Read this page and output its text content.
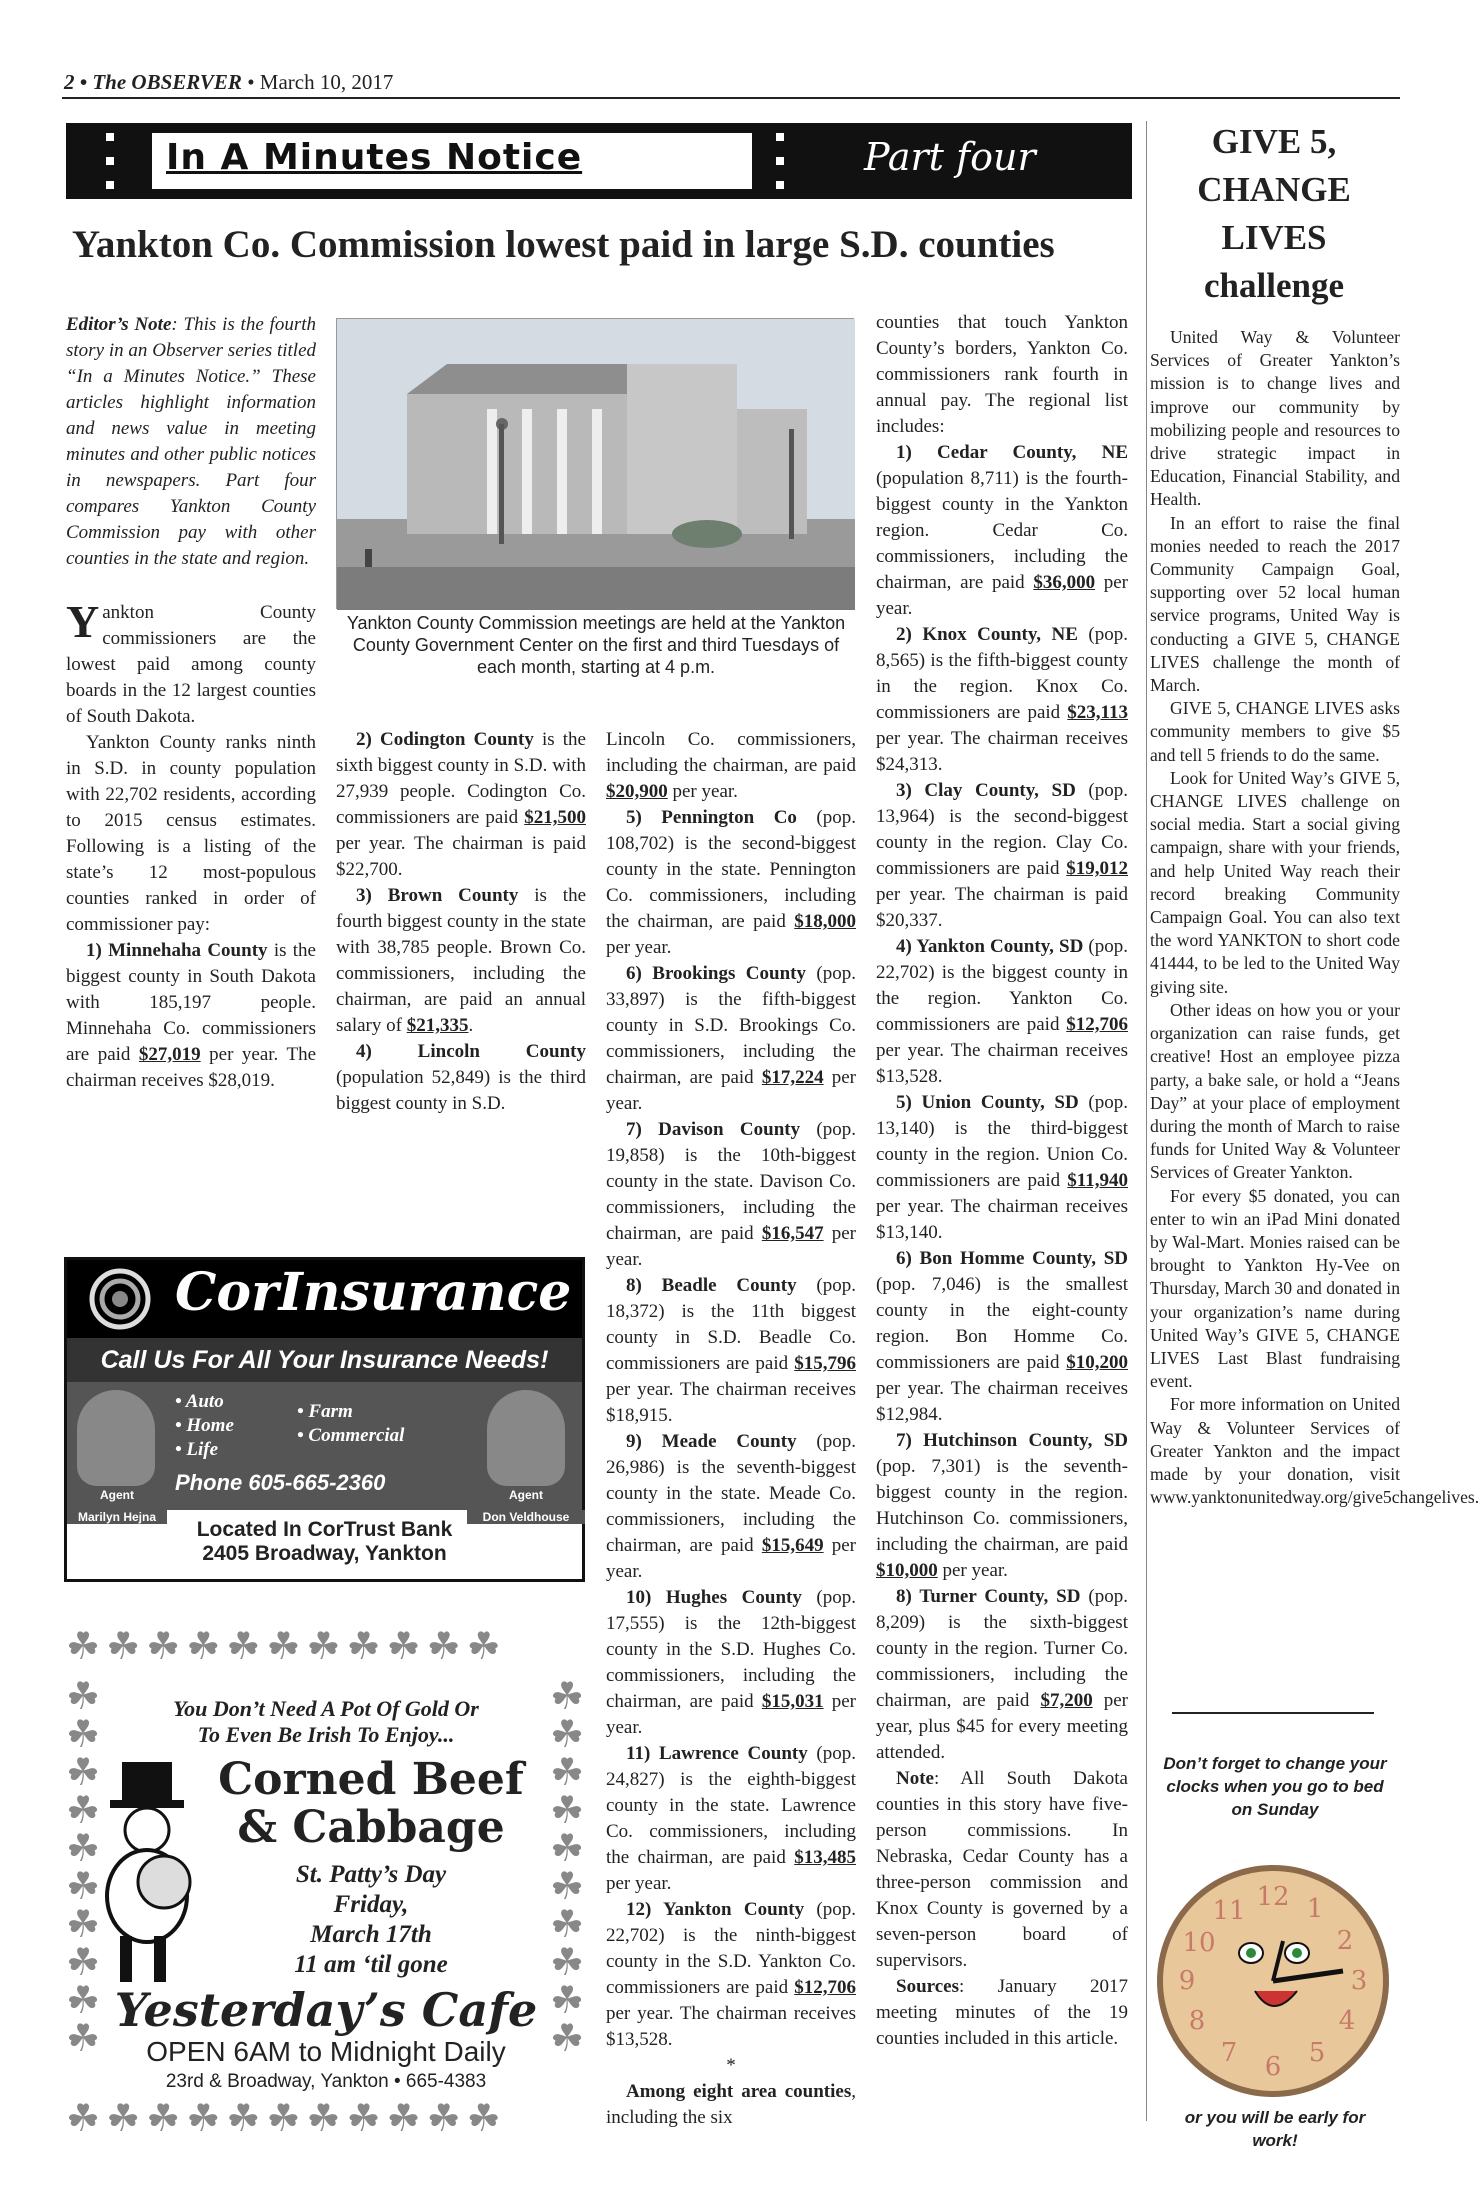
2 • The OBSERVER • March 10, 2017
In A Minutes Notice	Part four
Yankton Co. Commission lowest paid in large S.D. counties

Editor’s Note: This is the fourth story in an Observer series titled “In a Minutes Notice.” These articles highlight information and news value in meeting minutes and other public notices in newspapers. Part four compares Yankton County Commission pay with other counties in the state and region.

Yankton County commissioners are the lowest paid among county boards in the 12 largest counties of South Dakota.

Yankton County ranks ninth in S.D. in county population with 22,702 residents, according to 2015 census estimates. Following is a listing of the state’s 12 most-populous counties ranked in order of commissioner pay:

1) Minnehaha County is the biggest county in South Dakota with 185,197 people. Minnehaha Co. commissioners are paid $27,019 per year. The chairman receives $28,019.

Yankton County Commission meetings are held at the Yankton County Government Center on the first and third Tuesdays of each month, starting at 4 p.m.

2) Codington County is the sixth biggest county in S.D. with 27,939 people. Codington Co. commissioners are paid $21,500 per year. The chairman is paid $22,700.

3) Brown County is the fourth biggest county in the state with 38,785 people. Brown Co. commissioners, including the chairman, are paid an annual salary of $21,335.

4) Lincoln County (population 52,849) is the third biggest county in S.D.

Lincoln Co. commissioners, including the chairman, are paid $20,900 per year.

5) Pennington Co (pop. 108,702) is the second-biggest county in the state. Pennington Co. commissioners, including the chairman, are paid $18,000 per year.

6) Brookings County (pop. 33,897) is the fifth-biggest county in S.D. Brookings Co. commissioners, including the chairman, are paid $17,224 per year.

7) Davison County (pop. 19,858) is the 10th-biggest county in the state. Davison Co. commissioners, including the chairman, are paid $16,547 per year.

8) Beadle County (pop. 18,372) is the 11th biggest county in S.D. Beadle Co. commissioners are paid $15,796 per year. The chairman receives $18,915.

9) Meade County (pop. 26,986) is the seventh-biggest county in the state. Meade Co. commissioners, including the chairman, are paid $15,649 per year.

10) Hughes County (pop. 17,555) is the 12th-biggest county in the S.D. Hughes Co. commissioners, including the chairman, are paid $15,031 per year.

11) Lawrence County (pop. 24,827) is the eighth-biggest county in the state. Lawrence Co. commissioners, including the chairman, are paid $13,485 per year.

12) Yankton County (pop. 22,702) is the ninth-biggest county in the S.D. Yankton Co. commissioners are paid $12,706 per year. The chairman receives $13,528.

*

Among eight area counties, including the six

counties that touch Yankton County’s borders, Yankton Co. commissioners rank fourth in annual pay. The regional list includes:

1) Cedar County, NE (population 8,711) is the fourth-biggest county in the Yankton region. Cedar Co. commissioners, including the chairman, are paid $36,000 per year.

2) Knox County, NE (pop. 8,565) is the fifth-biggest county in the region. Knox Co. commissioners are paid $23,113 per year. The chairman receives $24,313.

3) Clay County, SD (pop. 13,964) is the second-biggest county in the region. Clay Co. commissioners are paid $19,012 per year. The chairman is paid $20,337.

4) Yankton County, SD (pop. 22,702) is the biggest county in the region. Yankton Co. commissioners are paid $12,706 per year. The chairman receives $13,528.

5) Union County, SD (pop. 13,140) is the third-biggest county in the region. Union Co. commissioners are paid $11,940 per year. The chairman receives $13,140.

6) Bon Homme County, SD (pop. 7,046) is the smallest county in the eight-county region. Bon Homme Co. commissioners are paid $10,200 per year. The chairman receives $12,984.

7) Hutchinson County, SD (pop. 7,301) is the seventh-biggest county in the region. Hutchinson Co. commissioners, including the chairman, are paid $10,000 per year.

8) Turner County, SD (pop. 8,209) is the sixth-biggest county in the region. Turner Co. commissioners, including the chairman, are paid $7,200 per year, plus $45 for every meeting attended.

Note: All South Dakota counties in this story have five-person commissions. In Nebraska, Cedar County has a three-person commission and Knox County is governed by a seven-person board of supervisors.

Sources: January 2017 meeting minutes of the 19 counties included in this article.

CorInsurance
Call Us For All Your Insurance Needs!
Agent
• Auto
• Home
• Life
• Farm
• Commercial
Phone 605-665-2360	Agent
Marilyn Hejna	Don Veldhouse
Located In CorTrust Bank
2405 Broadway, Yankton
☘☘☘☘☘☘☘☘☘☘☘
☘☘☘☘☘☘☘☘☘☘☘
☘
☘
☘
☘
☘
☘
☘
☘
☘
☘
☘
☘
☘
☘
☘
☘
☘
☘
☘
☘
You Don’t Need A Pot Of Gold Or
To Even Be Irish To Enjoy...
Corned Beef
& Cabbage
St. Patty’s Day
Friday,
March 17th
11 am ‘til gone
Yesterday’s Cafe
OPEN 6AM to Midnight Daily
23rd & Broadway, Yankton • 665-4383
GIVE 5,
CHANGE
LIVES
challenge

United Way & Volunteer Services of Greater Yankton’s mission is to change lives and improve our community by mobilizing people and resources to drive strategic impact in Education, Financial Stability, and Health.

In an effort to raise the final monies needed to reach the 2017 Community Campaign Goal, supporting over 52 local human service programs, United Way is conducting a GIVE 5, CHANGE LIVES challenge the month of March.

GIVE 5, CHANGE LIVES asks community members to give $5 and tell 5 friends to do the same.

Look for United Way’s GIVE 5, CHANGE LIVES challenge on social media. Start a social giving campaign, share with your friends, and help United Way reach their record breaking Community Campaign Goal. You can also text the word YANKTON to short code 41444, to be led to the United Way giving site.

Other ideas on how you or your organization can raise funds, get creative! Host an employee pizza party, a bake sale, or hold a “Jeans Day” at your place of employment during the month of March to raise funds for United Way & Volunteer Services of Greater Yankton.

For every $5 donated, you can enter to win an iPad Mini donated by Wal-Mart. Monies raised can be brought to Yankton Hy-Vee on Thursday, March 30 and donated in your organization’s name during United Way’s GIVE 5, CHANGE LIVES Last Blast fundraising event.

For more information on United Way & Volunteer Services of Greater Yankton and the impact made by your donation, visit www.yanktonunitedway.org/give5changelives.

Don’t forget to change your clocks when you go to bed on Sunday
12 1
2
3
4
5
6
7
8
9
10
11
or you will be early for work!
